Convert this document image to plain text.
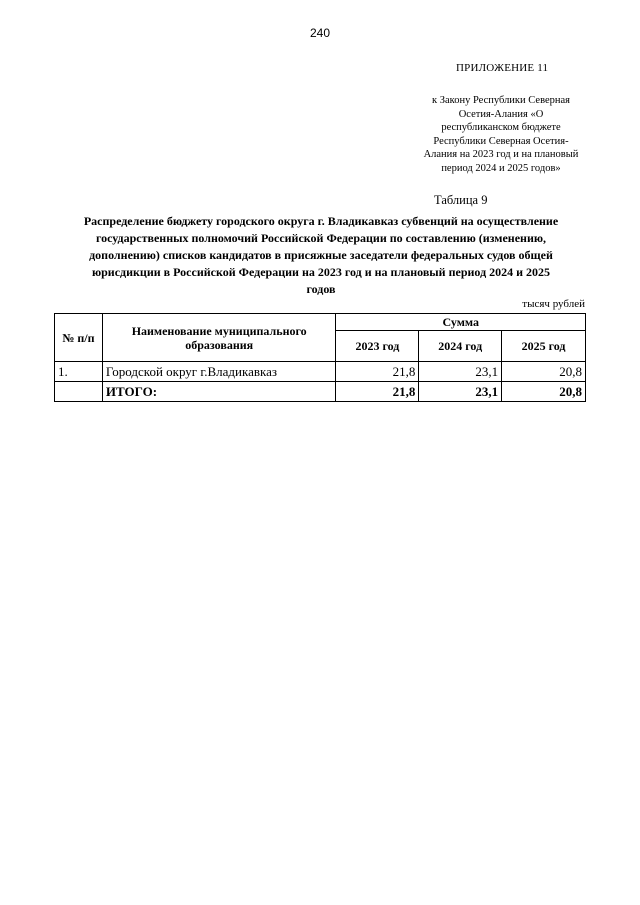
240
ПРИЛОЖЕНИЕ 11
к Закону Республики Северная
Осетия-Алания «О
республиканском бюджете
Республики Северная Осетия-
Алания на 2023 год и на плановый
период 2024 и 2025 годов»
Таблица 9
Распределение бюджету городского округа г. Владикавказ субвенций на осуществление
государственных полномочий Российской Федерации по составлению (изменению,
дополнению) списков кандидатов в присяжные заседатели федеральных судов общей
юрисдикции в Российской Федерации на 2023 год и на плановый период 2024 и 2025
годов
тысяч рублей
№ п/п	Наименование муниципального образования	Сумма		
		2023 год	2024 год	2025 год
1.	Городской округ г.Владикавказ	21,8	23,1	20,8
	ИТОГО:	21,8	23,1	20,8
